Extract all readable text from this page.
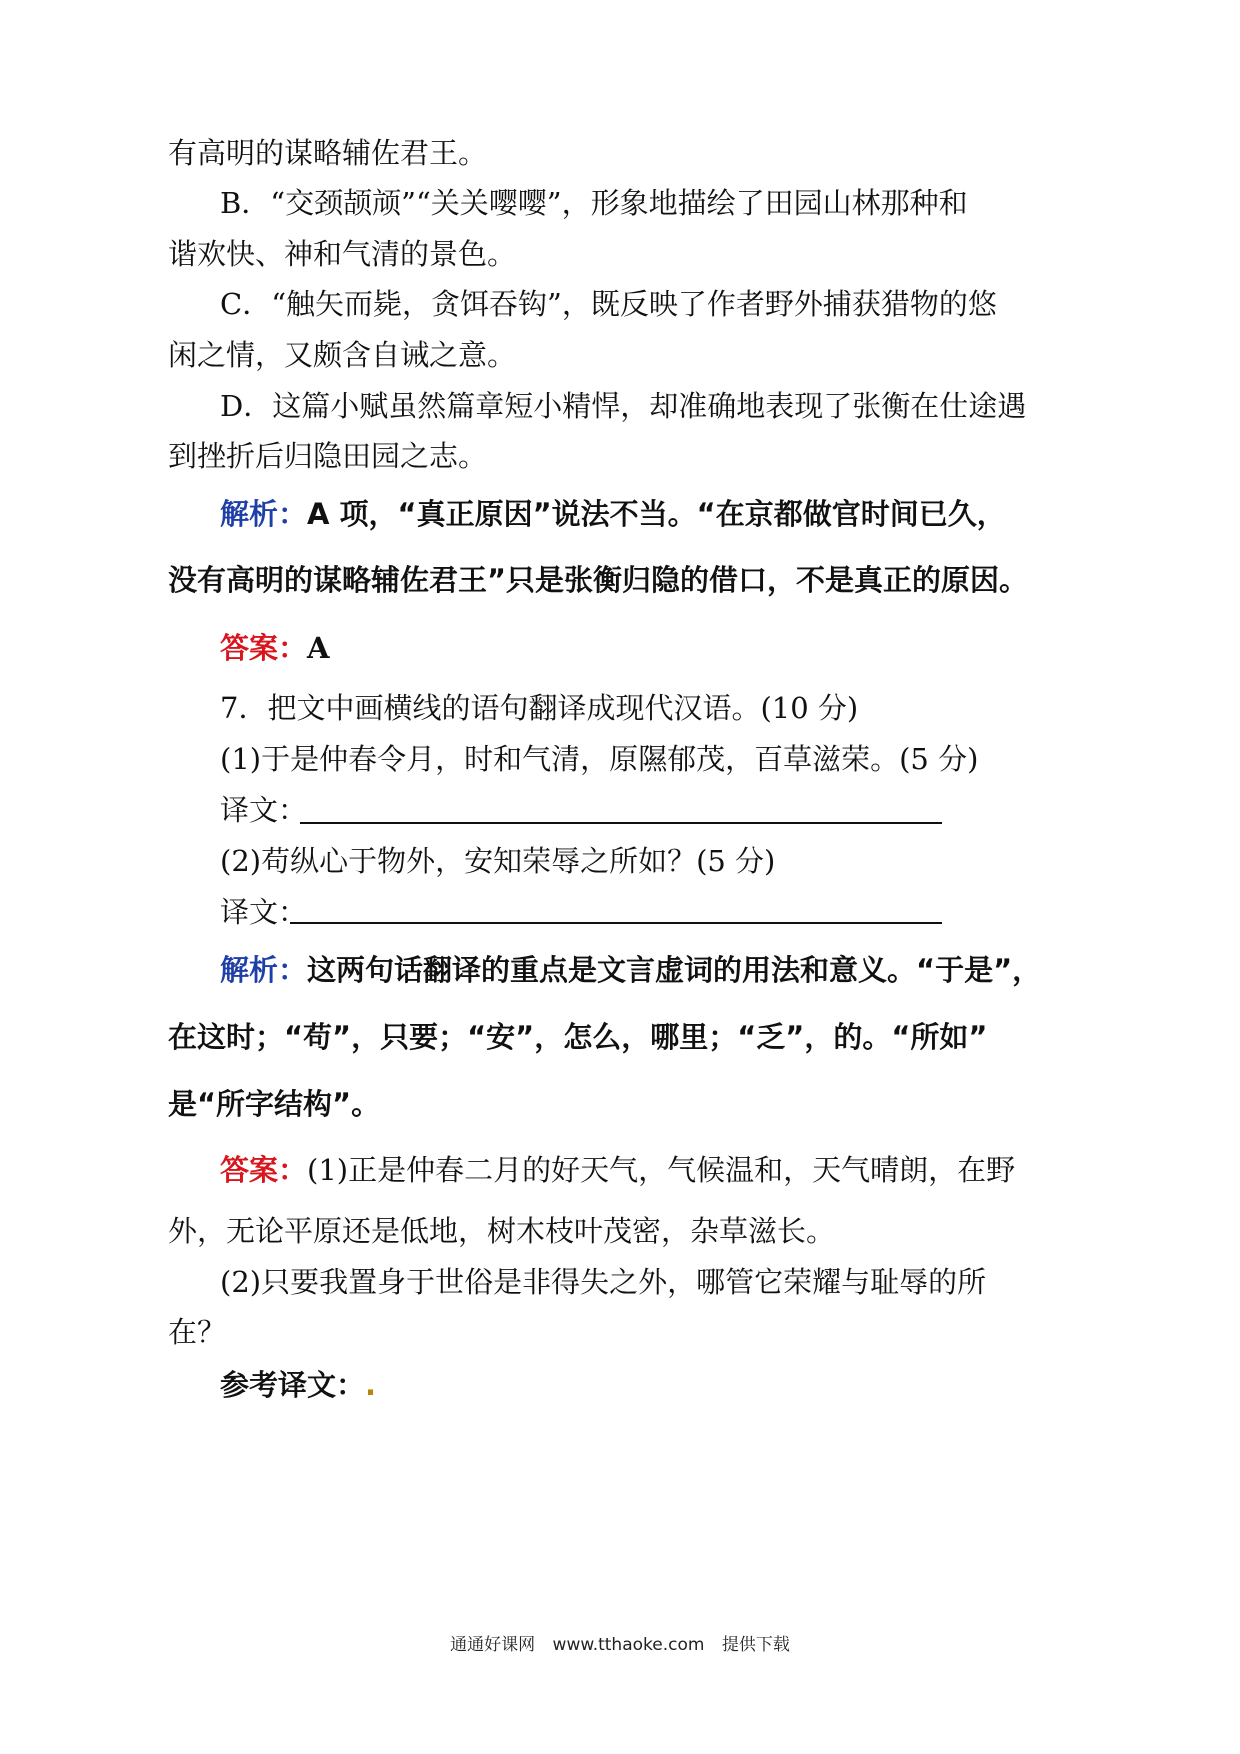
有高明的谋略辅佐君王。
B．“交颈颉颃”“关关嘤嘤”，形象地描绘了田园山林那种和
谐欢快、神和气清的景色。
C．“触矢而毙，贪饵吞钩”，既反映了作者野外捕获猎物的悠
闲之情，又颇含自诫之意。
D．这篇小赋虽然篇章短小精悍，却准确地表现了张衡在仕途遇
到挫折后归隐田园之志。
解析：A 项，“真正原因”说法不当。“在京都做官时间已久，
没有高明的谋略辅佐君王”只是张衡归隐的借口，不是真正的原因。
答案：A
7．把文中画横线的语句翻译成现代汉语。(10 分)
(1)于是仲春令月，时和气清，原隰郁茂，百草滋荣。(5 分)
译文：
(2)苟纵心于物外，安知荣辱之所如？(5 分)
译文：
解析：这两句话翻译的重点是文言虚词的用法和意义。“于是”，
在这时；“苟”，只要；“安”，怎么，哪里；“乏”，的。“所如”
是“所字结构”。
答案：(1)正是仲春二月的好天气，气候温和，天气晴朗，在野
外，无论平原还是低地，树木枝叶茂密，杂草滋长。
(2)只要我置身于世俗是非得失之外，哪管它荣耀与耻辱的所
在？
参考译文：.
通通好课网 www.tthaoke.com 提供下载
